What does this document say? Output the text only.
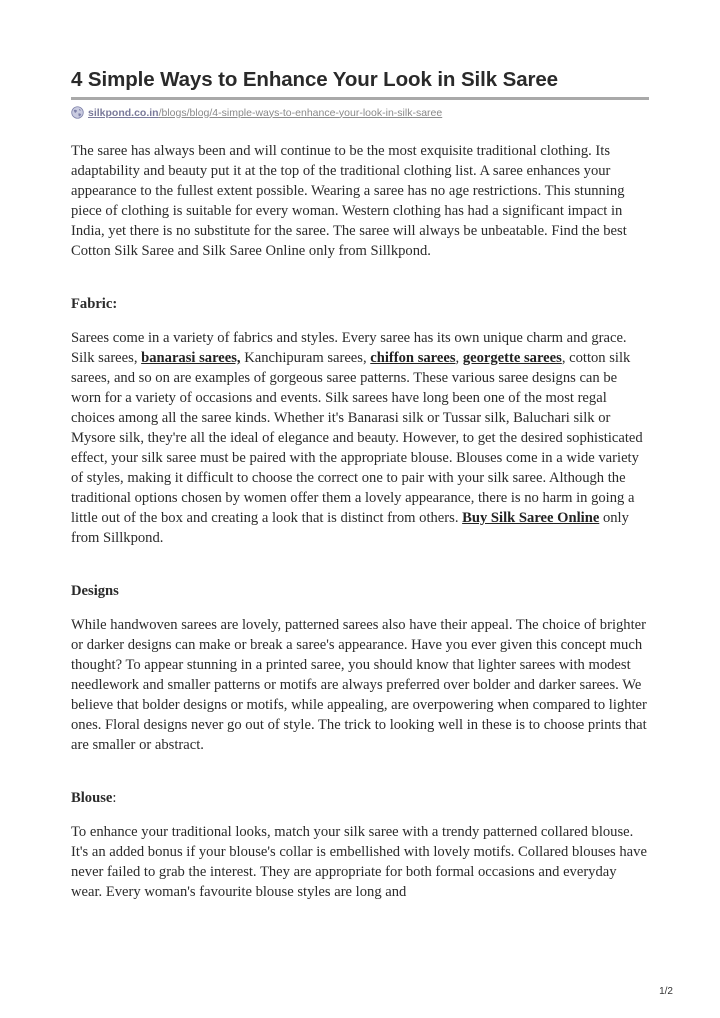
4 Simple Ways to Enhance Your Look in Silk Saree
silkpond.co.in /blogs/blog/4-simple-ways-to-enhance-your-look-in-silk-saree

The saree has always been and will continue to be the most exquisite traditional clothing. Its adaptability and beauty put it at the top of the traditional clothing list. A saree enhances your appearance to the fullest extent possible. Wearing a saree has no age restrictions. This stunning piece of clothing is suitable for every woman. Western clothing has had a significant impact in India, yet there is no substitute for the saree. The saree will always be unbeatable. Find the best Cotton Silk Saree and Silk Saree Online only from Sillkpond.

Fabric:

Sarees come in a variety of fabrics and styles. Every saree has its own unique charm and grace. Silk sarees, banarasi sarees, Kanchipuram sarees, chiffon sarees, georgette sarees, cotton silk sarees, and so on are examples of gorgeous saree patterns. These various saree designs can be worn for a variety of occasions and events. Silk sarees have long been one of the most regal choices among all the saree kinds. Whether it's Banarasi silk or Tussar silk, Baluchari silk or Mysore silk, they're all the ideal of elegance and beauty. However, to get the desired sophisticated effect, your silk saree must be paired with the appropriate blouse. Blouses come in a wide variety of styles, making it difficult to choose the correct one to pair with your silk saree. Although the traditional options chosen by women offer them a lovely appearance, there is no harm in going a little out of the box and creating a look that is distinct from others. Buy Silk Saree Online only from Sillkpond.

Designs

While handwoven sarees are lovely, patterned sarees also have their appeal. The choice of brighter or darker designs can make or break a saree's appearance. Have you ever given this concept much thought? To appear stunning in a printed saree, you should know that lighter sarees with modest needlework and smaller patterns or motifs are always preferred over bolder and darker sarees. We believe that bolder designs or motifs, while appealing, are overpowering when compared to lighter ones. Floral designs never go out of style. The trick to looking well in these is to choose prints that are smaller or abstract.

Blouse:

To enhance your traditional looks, match your silk saree with a trendy patterned collared blouse. It's an added bonus if your blouse's collar is embellished with lovely motifs. Collared blouses have never failed to grab the interest. They are appropriate for both formal occasions and everyday wear. Every woman's favourite blouse styles are long and

1/2
